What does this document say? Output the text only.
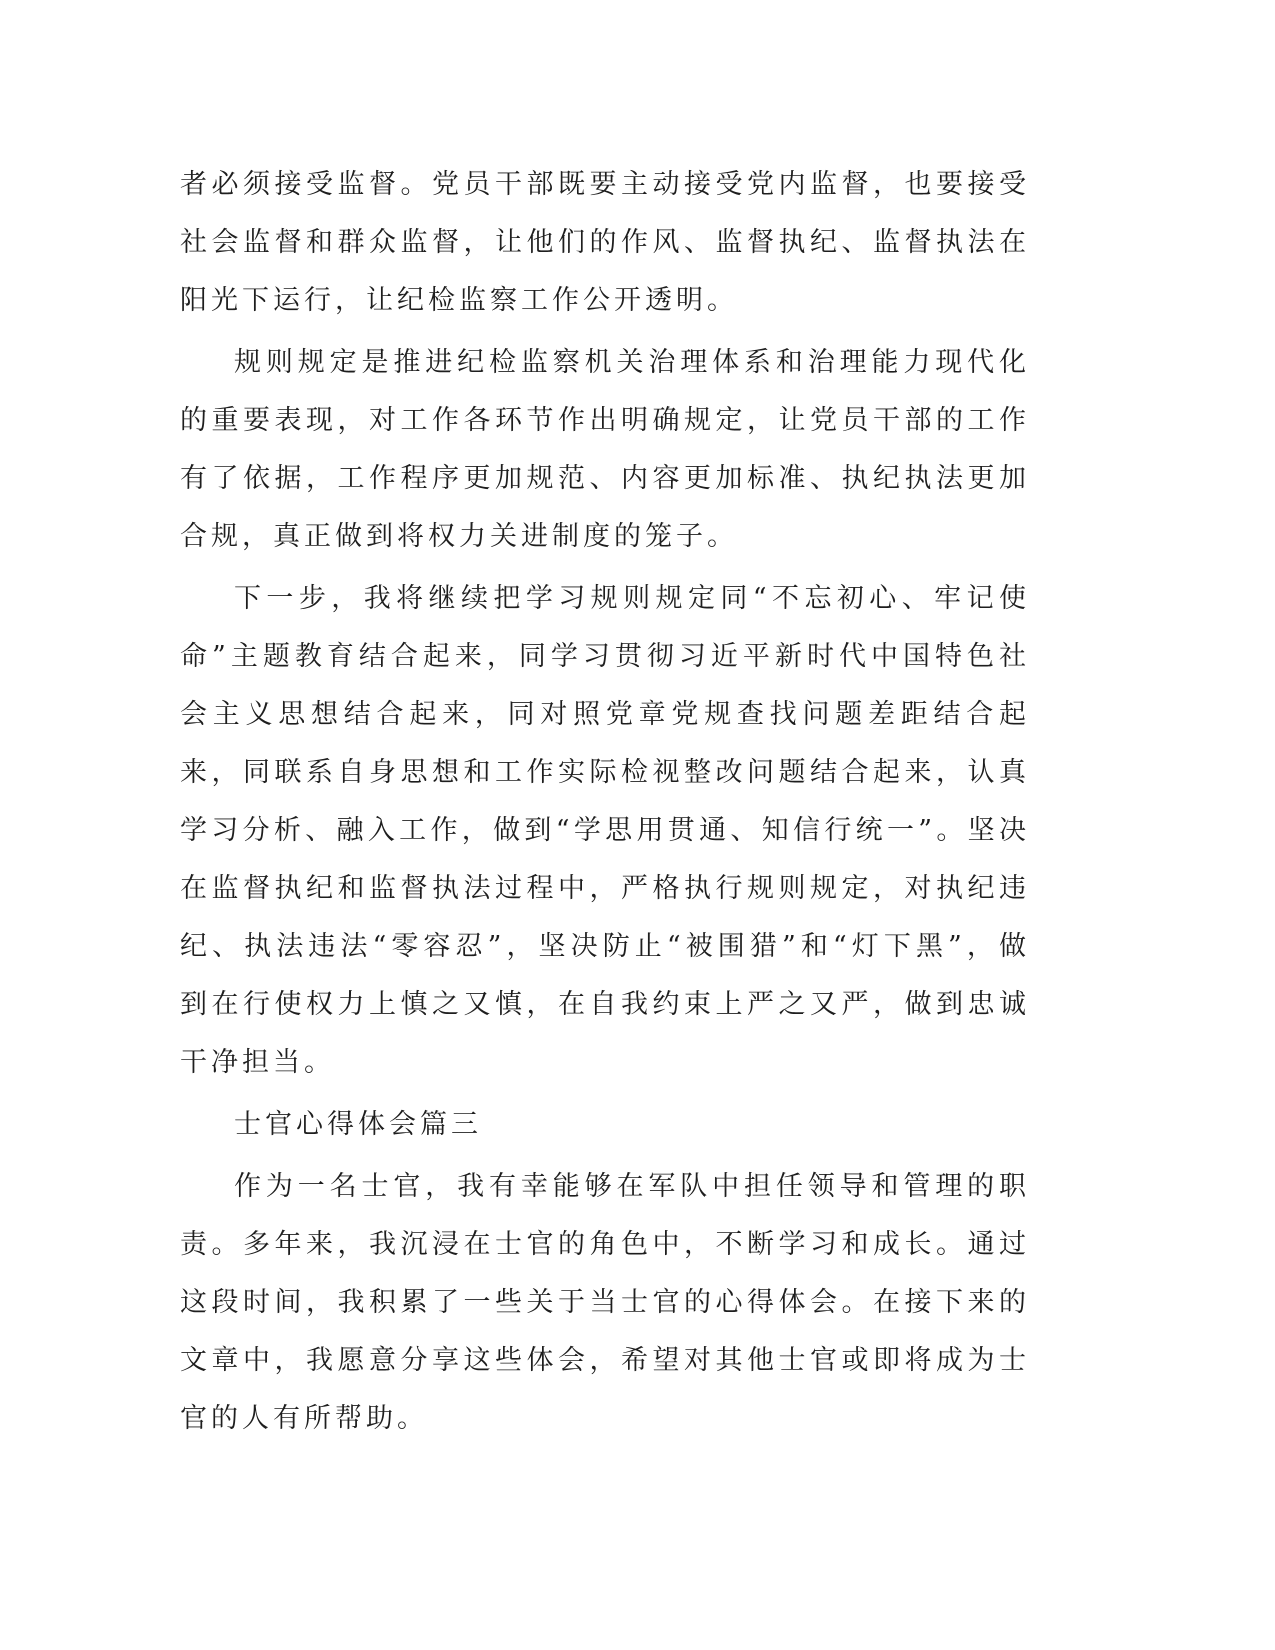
者必须接受监督。党员干部既要主动接受党内监督，也要接受社会监督和群众监督，让他们的作风、监督执纪、监督执法在阳光下运行，让纪检监察工作公开透明。

规则规定是推进纪检监察机关治理体系和治理能力现代化的重要表现，对工作各环节作出明确规定，让党员干部的工作有了依据，工作程序更加规范、内容更加标准、执纪执法更加合规，真正做到将权力关进制度的笼子。

下一步，我将继续把学习规则规定同“不忘初心、牢记使命”主题教育结合起来，同学习贯彻习近平新时代中国特色社会主义思想结合起来，同对照党章党规查找问题差距结合起来，同联系自身思想和工作实际检视整改问题结合起来，认真学习分析、融入工作，做到“学思用贯通、知信行统一”。坚决在监督执纪和监督执法过程中，严格执行规则规定，对执纪违纪、执法违法“零容忍”，坚决防止“被围猎”和“灯下黑”，做到在行使权力上慎之又慎，在自我约束上严之又严，做到忠诚干净担当。

士官心得体会篇三

作为一名士官，我有幸能够在军队中担任领导和管理的职责。多年来，我沉浸在士官的角色中，不断学习和成长。通过这段时间，我积累了一些关于当士官的心得体会。在接下来的文章中，我愿意分享这些体会，希望对其他士官或即将成为士官的人有所帮助。
